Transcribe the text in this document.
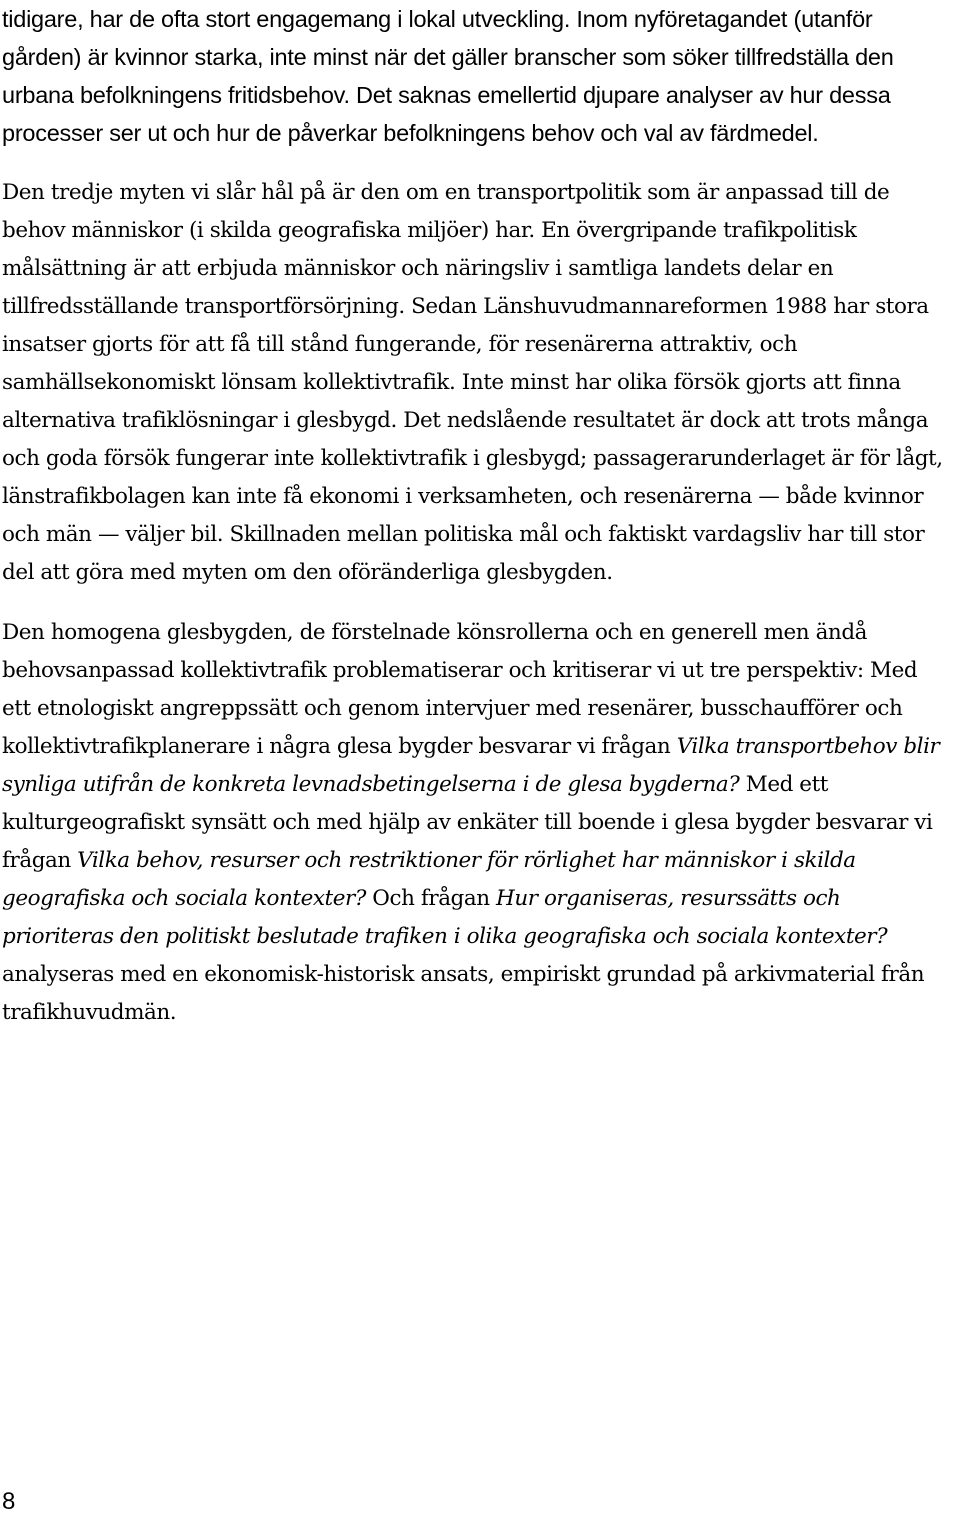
tidigare, har de ofta stort engagemang i lokal utveckling. Inom nyföretagandet (utanför gården) är kvinnor starka, inte minst när det gäller branscher som söker tillfredställa den urbana befolkningens fritidsbehov. Det saknas emellertid djupare analyser av hur dessa processer ser ut och hur de påverkar befolkningens behov och val av färdmedel.

Den tredje myten vi slår hål på är den om en transportpolitik som är anpassad till de behov människor (i skilda geografiska miljöer) har. En övergripande trafikpolitisk målsättning är att erbjuda människor och näringsliv i samtliga landets delar en tillfredsställande transportförsörjning. Sedan Länshuvudmannareformen 1988 har stora insatser gjorts för att få till stånd fungerande, för resenärerna attraktiv, och samhällsekonomiskt lönsam kollektivtrafik. Inte minst har olika försök gjorts att finna alternativa trafiklösningar i glesbygd. Det nedslående resultatet är dock att trots många och goda försök fungerar inte kollektivtrafik i glesbygd; passagerarunderlaget är för lågt, länstrafikbolagen kan inte få ekonomi i verksamheten, och resenärerna — både kvinnor och män — väljer bil. Skillnaden mellan politiska mål och faktiskt vardagsliv har till stor del att göra med myten om den oföränderliga glesbygden.

Den homogena glesbygden, de förstelnade könsrollerna och en generell men ändå behovsanpassad kollektivtrafik problematiserar och kritiserar vi ut tre perspektiv: Med ett etnologiskt angreppssätt och genom intervjuer med resenärer, busschaufförer och kollektivtrafikplanerare i några glesa bygder besvarar vi frågan Vilka transportbehov blir synliga utifrån de konkreta levnadsbetingelserna i de glesa bygderna? Med ett kulturgeografiskt synsätt och med hjälp av enkäter till boende i glesa bygder besvarar vi frågan Vilka behov, resurser och restriktioner för rörlighet har människor i skilda geografiska och sociala kontexter? Och frågan Hur organiseras, resurssätts och prioriteras den politiskt beslutade trafiken i olika geografiska och sociala kontexter? analyseras med en ekonomisk-historisk ansats, empiriskt grundad på arkivmaterial från trafikhuvudmän.

8
